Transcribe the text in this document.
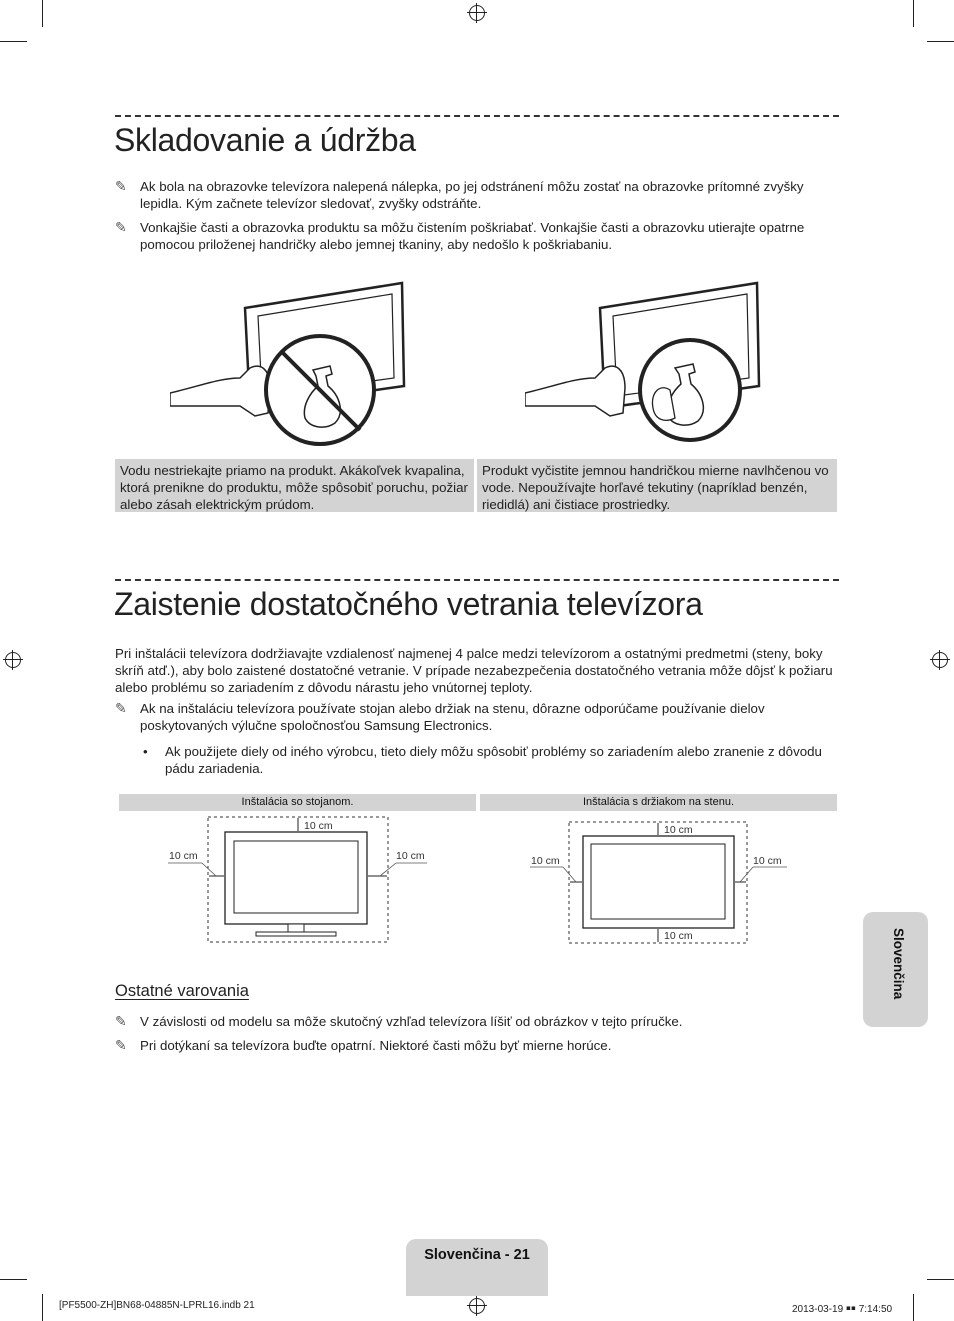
Skladovanie a údržba
✎ Ak bola na obrazovke televízora nalepená nálepka, po jej odstránení môžu zostať na obrazovke prítomné zvyšky lepidla. Kým začnete televízor sledovať, zvyšky odstráňte.
✎ Vonkajšie časti a obrazovka produktu sa môžu čistením poškriabať. Vonkajšie časti a obrazovku utierajte opatrne pomocou priloženej handričky alebo jemnej tkaniny, aby nedošlo k poškriabaniu.
Vodu nestriekajte priamo na produkt. Akákoľvek kvapalina, ktorá prenikne do produktu, môže spôsobiť poruchu, požiar alebo zásah elektrickým prúdom.
Produkt vyčistite jemnou handričkou mierne navlhčenou vo vode. Nepoužívajte horľavé tekutiny (napríklad benzén, riedidlá) ani čistiace prostriedky.
Zaistenie dostatočného vetrania televízora
Pri inštalácii televízora dodržiavajte vzdialenosť najmenej 4 palce medzi televízorom a ostatnými predmetmi (steny, boky skríň atď.), aby bolo zaistené dostatočné vetranie. V prípade nezabezpečenia dostatočného vetrania môže dôjsť k požiaru alebo problému so zariadením z dôvodu nárastu jeho vnútornej teploty.
✎ Ak na inštaláciu televízora používate stojan alebo držiak na stenu, dôrazne odporúčame používanie dielov poskytovaných výlučne spoločnosťou Samsung Electronics.
• Ak použijete diely od iného výrobcu, tieto diely môžu spôsobiť problémy so zariadením alebo zranenie z dôvodu pádu zariadenia.
Inštalácia so stojanom.	Inštalácia s držiakom na stenu.
10 cm
10 cm	10 cm
10 cm
10 cm
10 cm	10 cm
Ostatné varovania
✎ V závislosti od modelu sa môže skutočný vzhľad televízora líšiť od obrázkov v tejto príručke.
✎ Pri dotýkaní sa televízora buďte opatrní. Niektoré časti môžu byť mierne horúce.
Slovenčina
Slovenčina - 21
[PF5500-ZH]BN68-04885N-LPRL16.indb 21	2013-03-19 ￭￭ 7:14:50
